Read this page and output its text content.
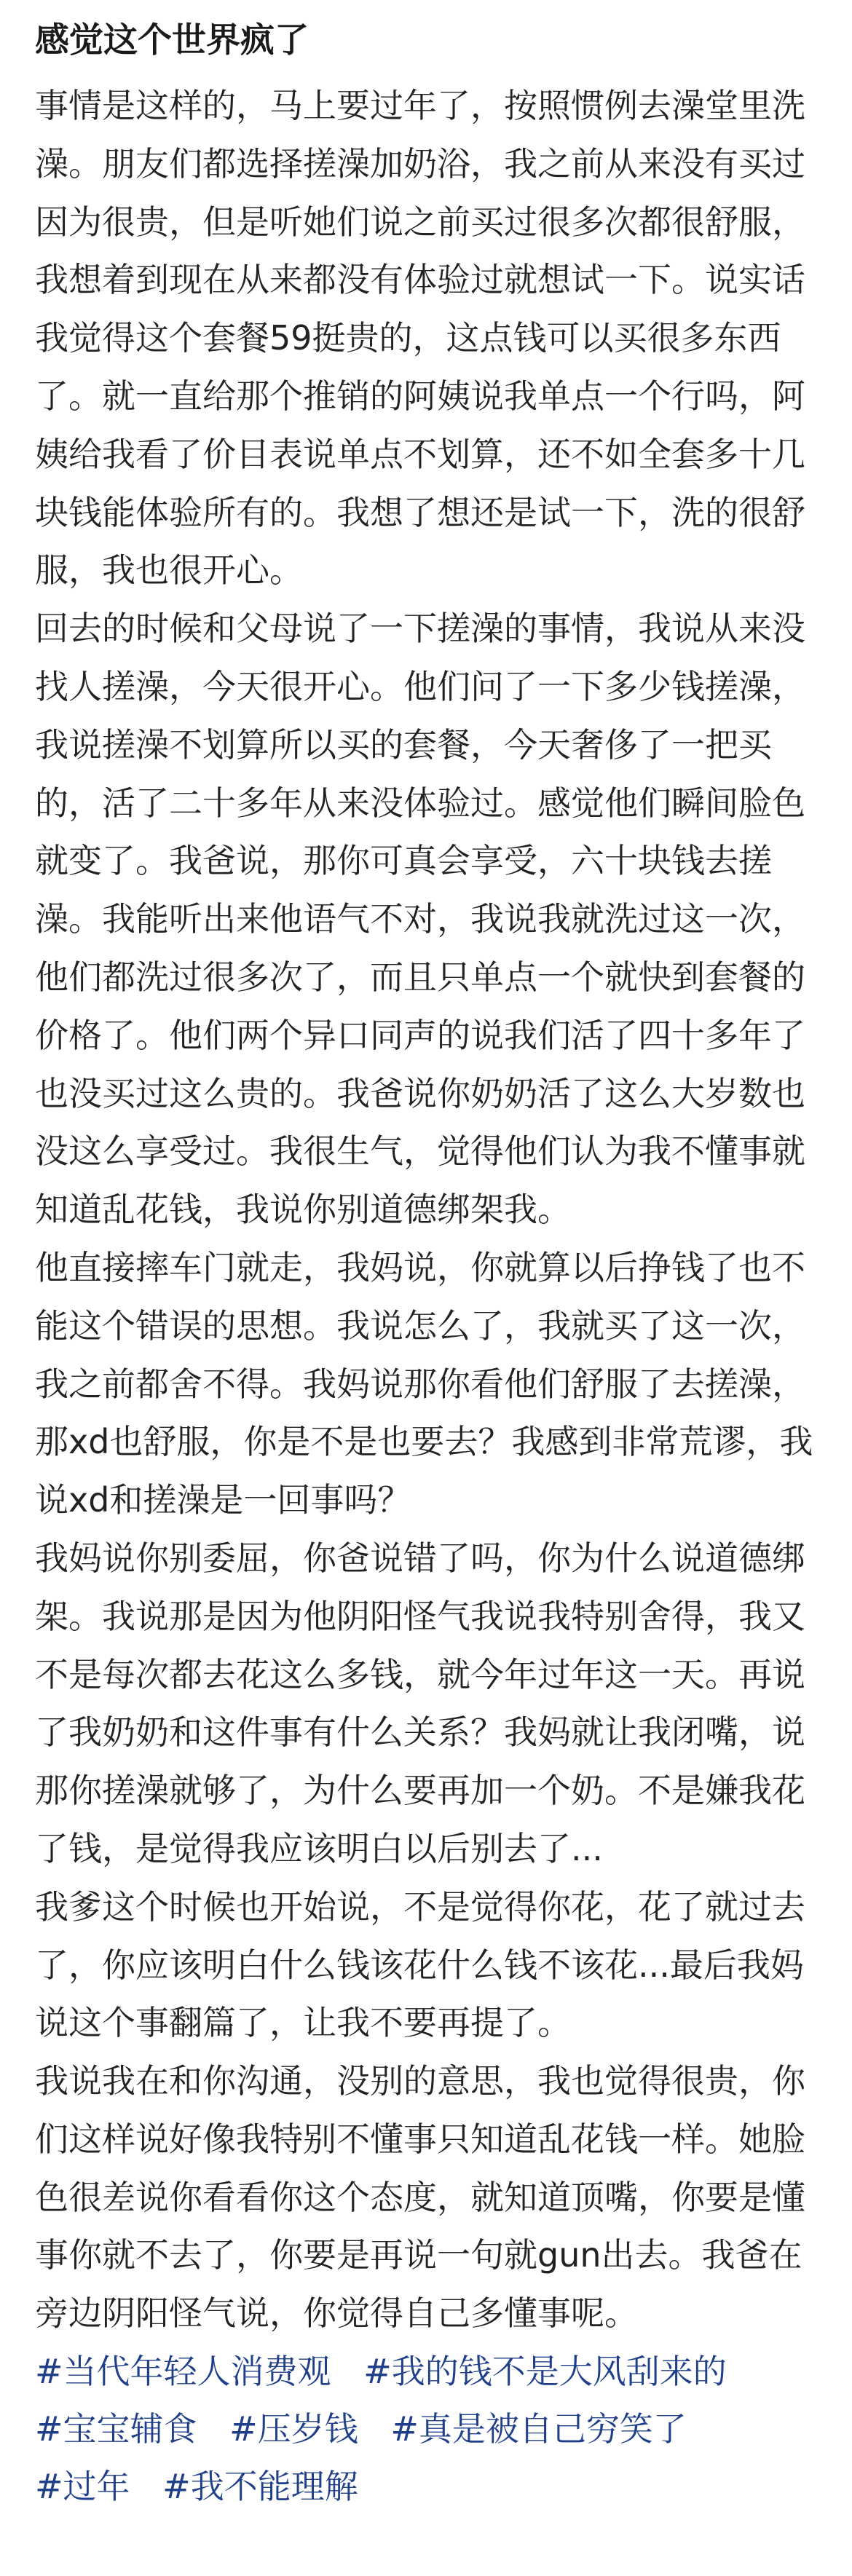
感觉这个世界疯了

事情是这样的，马上要过年了，按照惯例去澡堂里洗澡。朋友们都选择搓澡加奶浴，我之前从来没有买过因为很贵，但是听她们说之前买过很多次都很舒服，我想着到现在从来都没有体验过就想试一下。说实话我觉得这个套餐59挺贵的，这点钱可以买很多东西了。就一直给那个推销的阿姨说我单点一个行吗，阿姨给我看了价目表说单点不划算，还不如全套多十几块钱能体验所有的。我想了想还是试一下，洗的很舒服，我也很开心。

回去的时候和父母说了一下搓澡的事情，我说从来没找人搓澡，今天很开心。他们问了一下多少钱搓澡，我说搓澡不划算所以买的套餐，今天奢侈了一把买的，活了二十多年从来没体验过。感觉他们瞬间脸色就变了。我爸说，那你可真会享受，六十块钱去搓澡。我能听出来他语气不对，我说我就洗过这一次，他们都洗过很多次了，而且只单点一个就快到套餐的价格了。他们两个异口同声的说我们活了四十多年了也没买过这么贵的。我爸说你奶奶活了这么大岁数也没这么享受过。我很生气，觉得他们认为我不懂事就知道乱花钱，我说你别道德绑架我。

他直接摔车门就走，我妈说，你就算以后挣钱了也不能这个错误的思想。我说怎么了，我就买了这一次，我之前都舍不得。我妈说那你看他们舒服了去搓澡，那xd也舒服，你是不是也要去？我感到非常荒谬，我说xd和搓澡是一回事吗？

我妈说你别委屈，你爸说错了吗，你为什么说道德绑架。我说那是因为他阴阳怪气我说我特别舍得，我又不是每次都去花这么多钱，就今年过年这一天。再说了我奶奶和这件事有什么关系？我妈就让我闭嘴，说那你搓澡就够了，为什么要再加一个奶。不是嫌我花了钱，是觉得我应该明白以后别去了...

我爹这个时候也开始说，不是觉得你花，花了就过去了，你应该明白什么钱该花什么钱不该花...最后我妈说这个事翻篇了，让我不要再提了。

我说我在和你沟通，没别的意思，我也觉得很贵，你们这样说好像我特别不懂事只知道乱花钱一样。她脸色很差说你看看你这个态度，就知道顶嘴，你要是懂事你就不去了，你要是再说一句就gun出去。我爸在旁边阴阳怪气说，你觉得自己多懂事呢。

#当代年轻人消费观 #我的钱不是大风刮来的 #宝宝辅食 #压岁钱 #真是被自己穷笑了 #过年 #我不能理解
